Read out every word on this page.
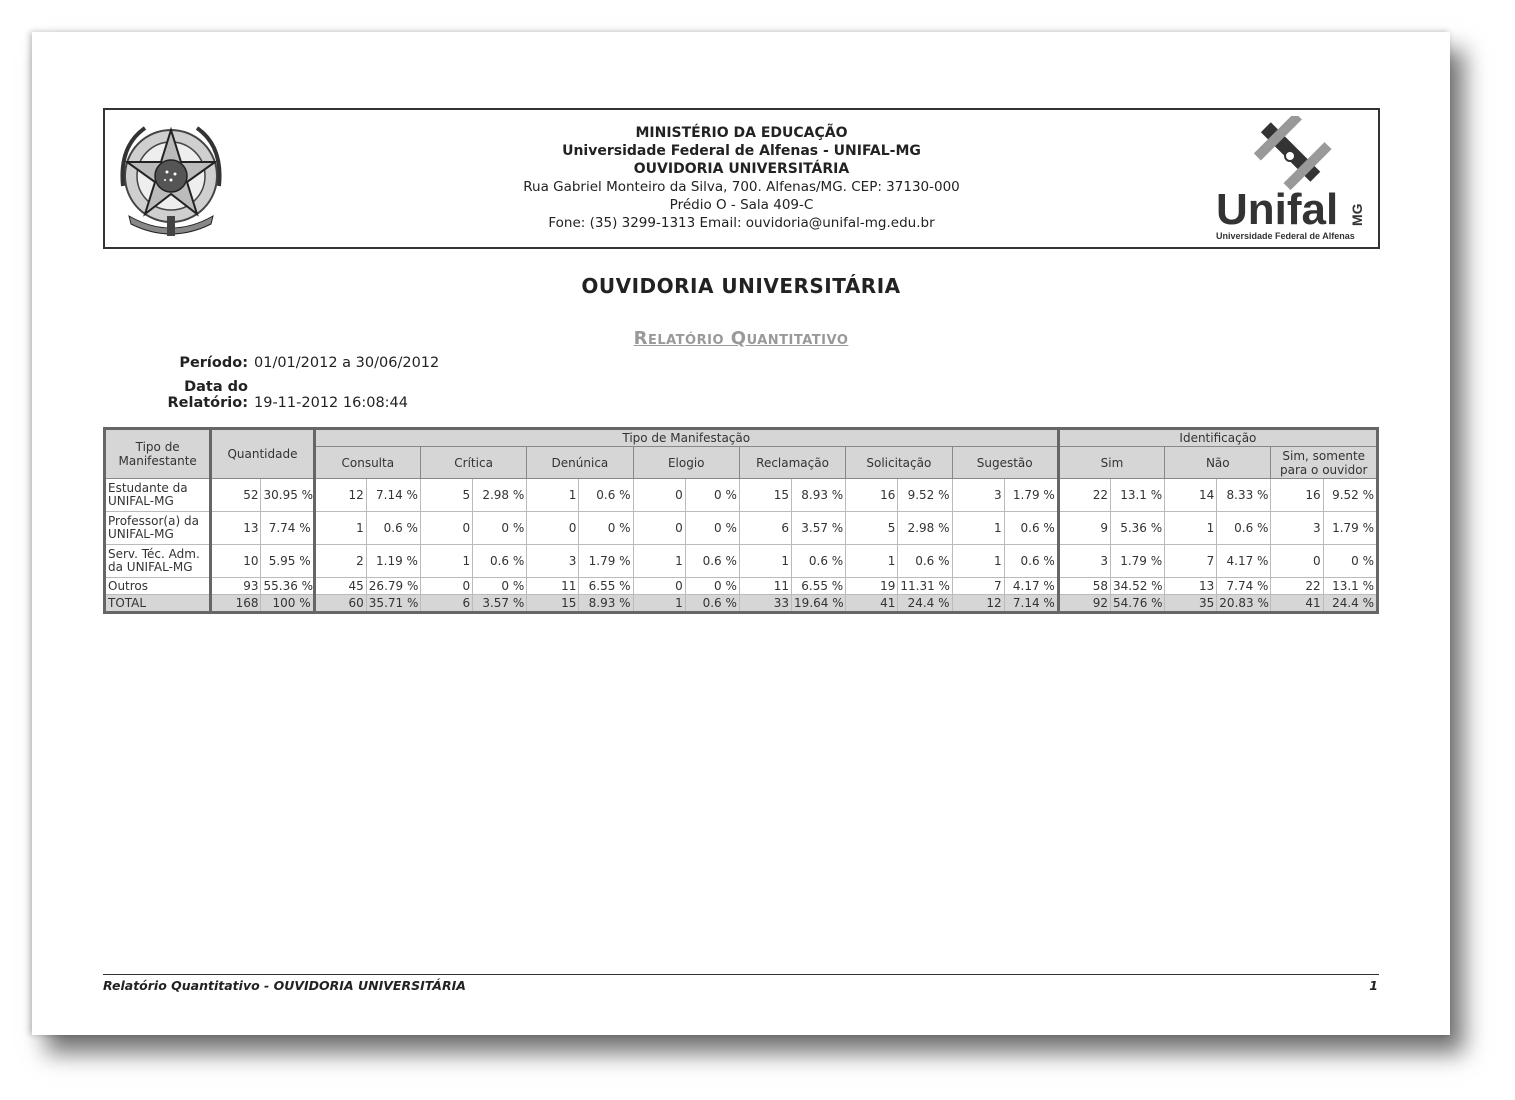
MINISTÉRIO DA EDUCAÇÃO
Universidade Federal de Alfenas - UNIFAL-MG
OUVIDORIA UNIVERSITÁRIA
Rua Gabriel Monteiro da Silva, 700. Alfenas/MG. CEP: 37130-000
Prédio O - Sala 409-C
Fone: (35) 3299-1313 Email: ouvidoria@unifal-mg.edu.br	Unifal MG
Universidade Federal de Alfenas
OUVIDORIA UNIVERSITÁRIA
Relatório Quantitativo
Período: 01/01/2012 a 30/06/2012
Data do Relatório: 19-11-2012 16:08:44
Tipo de Manifestante	Quantidade		Tipo de Manifestação														Identificação					
			Consulta		Crítica		Denúnica		Elogio		Reclamação		Solicitação		Sugestão		Sim		Não		Sim, somente para o ouvidor	
Estudante da UNIFAL-MG	52	30.95 %	12	7.14 %	5	2.98 %	1	0.6 %	0	0 %	15	8.93 %	16	9.52 %	3	1.79 %	22	13.1 %	14	8.33 %	16	9.52 %
Professor(a) da UNIFAL-MG	13	7.74 %	1	0.6 %	0	0 %	0	0 %	0	0 %	6	3.57 %	5	2.98 %	1	0.6 %	9	5.36 %	1	0.6 %	3	1.79 %
Serv. Téc. Adm. da UNIFAL-MG	10	5.95 %	2	1.19 %	1	0.6 %	3	1.79 %	1	0.6 %	1	0.6 %	1	0.6 %	1	0.6 %	3	1.79 %	7	4.17 %	0	0 %
Outros	93	55.36 %	45	26.79 %	0	0 %	11	6.55 %	0	0 %	11	6.55 %	19	11.31 %	7	4.17 %	58	34.52 %	13	7.74 %	22	13.1 %
TOTAL	168	100 %	60	35.71 %	6	3.57 %	15	8.93 %	1	0.6 %	33	19.64 %	41	24.4 %	12	7.14 %	92	54.76 %	35	20.83 %	41	24.4 %
Relatório Quantitativo - OUVIDORIA UNIVERSITÁRIA	1
